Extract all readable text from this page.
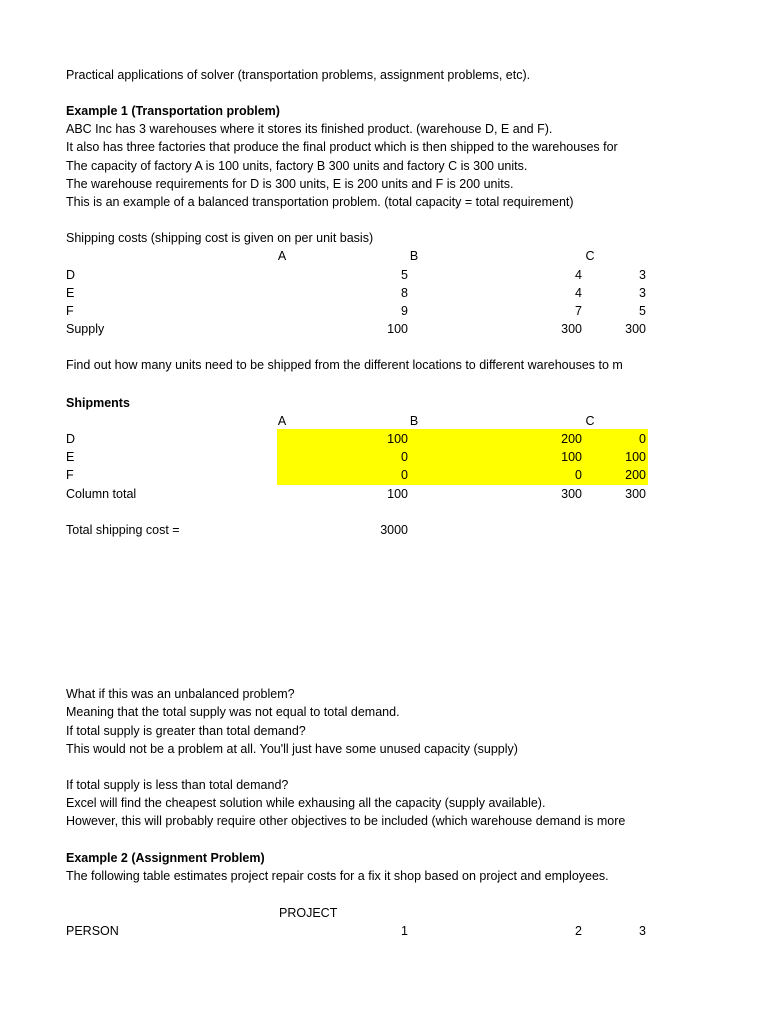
Practical applications of solver (transportation problems, assignment problems, etc).
Example 1 (Transportation problem)
ABC Inc has 3 warehouses where it stores its finished product. (warehouse D, E and F).
It also has three factories that produce the final product which is then shipped to the warehouses for
The capacity of factory A is 100 units, factory B 300 units and factory C is 300 units.
The warehouse requirements for D is 300 units, E is 200 units and F is 200 units.
This is an example of a balanced transportation problem. (total capacity = total requirement)
Shipping costs (shipping cost is given on per unit basis)
A	B	C
D	5	4	3
E	8	4	3
F	9	7	5
Supply	100	300	300
Find out how many units need to be shipped from the different locations to different warehouses to m
Shipments
A	B	C
D	100	200	0
E	0	100	100
F	0	0	200
Column total	100	300	300
Total shipping cost =	3000
What if this was an unbalanced problem?
Meaning that the total supply was not equal to total demand.
If total supply is greater than total demand?
This would not be a problem at all. You'll just have some unused capacity (supply)
If total supply is less than total demand?
Excel will find the cheapest solution while exhausing all the capacity (supply available).
However, this will probably require other objectives to be included (which warehouse demand is more
Example 2 (Assignment Problem)
The following table estimates project repair costs for a fix it shop based on project and employees.
PROJECT
PERSON	1	2	3
